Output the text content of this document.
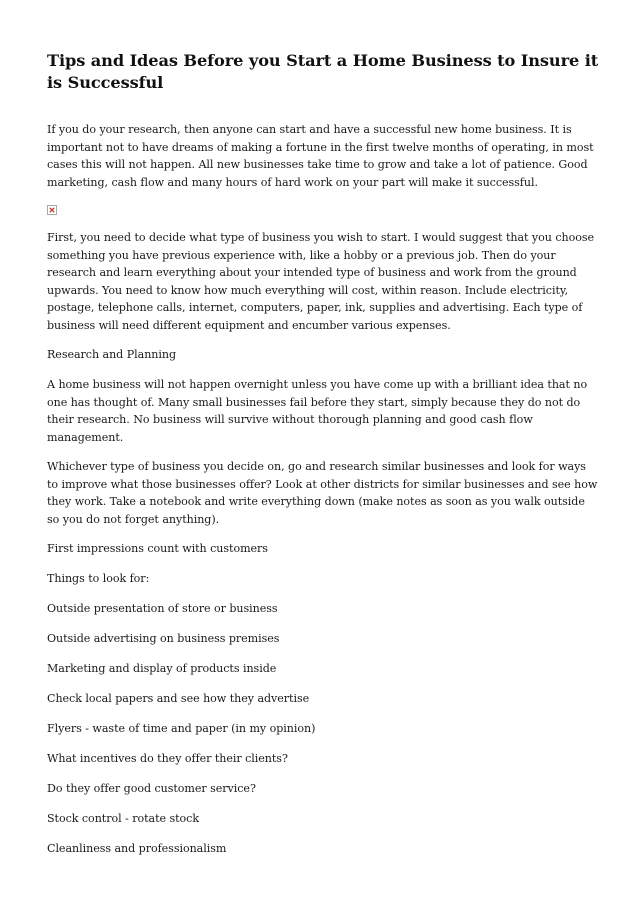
Tips and Ideas Before you Start a Home Business to Insure it is Successful

If you do your research, then anyone can start and have a successful new home business. It is important not to have dreams of making a fortune in the first twelve months of operating, in most cases this will not happen. All new businesses take time to grow and take a lot of patience. Good marketing, cash flow and many hours of hard work on your part will make it successful.

First, you need to decide what type of business you wish to start. I would suggest that you choose something you have previous experience with, like a hobby or a previous job. Then do your research and learn everything about your intended type of business and work from the ground upwards. You need to know how much everything will cost, within reason. Include electricity, postage, telephone calls, internet, computers, paper, ink, supplies and advertising. Each type of business will need different equipment and encumber various expenses.

Research and Planning

A home business will not happen overnight unless you have come up with a brilliant idea that no one has thought of. Many small businesses fail before they start, simply because they do not do their research. No business will survive without thorough planning and good cash flow management.

Whichever type of business you decide on, go and research similar businesses and look for ways to improve what those businesses offer? Look at other districts for similar businesses and see how they work. Take a notebook and write everything down (make notes as soon as you walk outside so you do not forget anything).

First impressions count with customers

Things to look for:

Outside presentation of store or business

Outside advertising on business premises

Marketing and display of products inside

Check local papers and see how they advertise

Flyers - waste of time and paper (in my opinion)

What incentives do they offer their clients?

Do they offer good customer service?

Stock control - rotate stock

Cleanliness and professionalism
